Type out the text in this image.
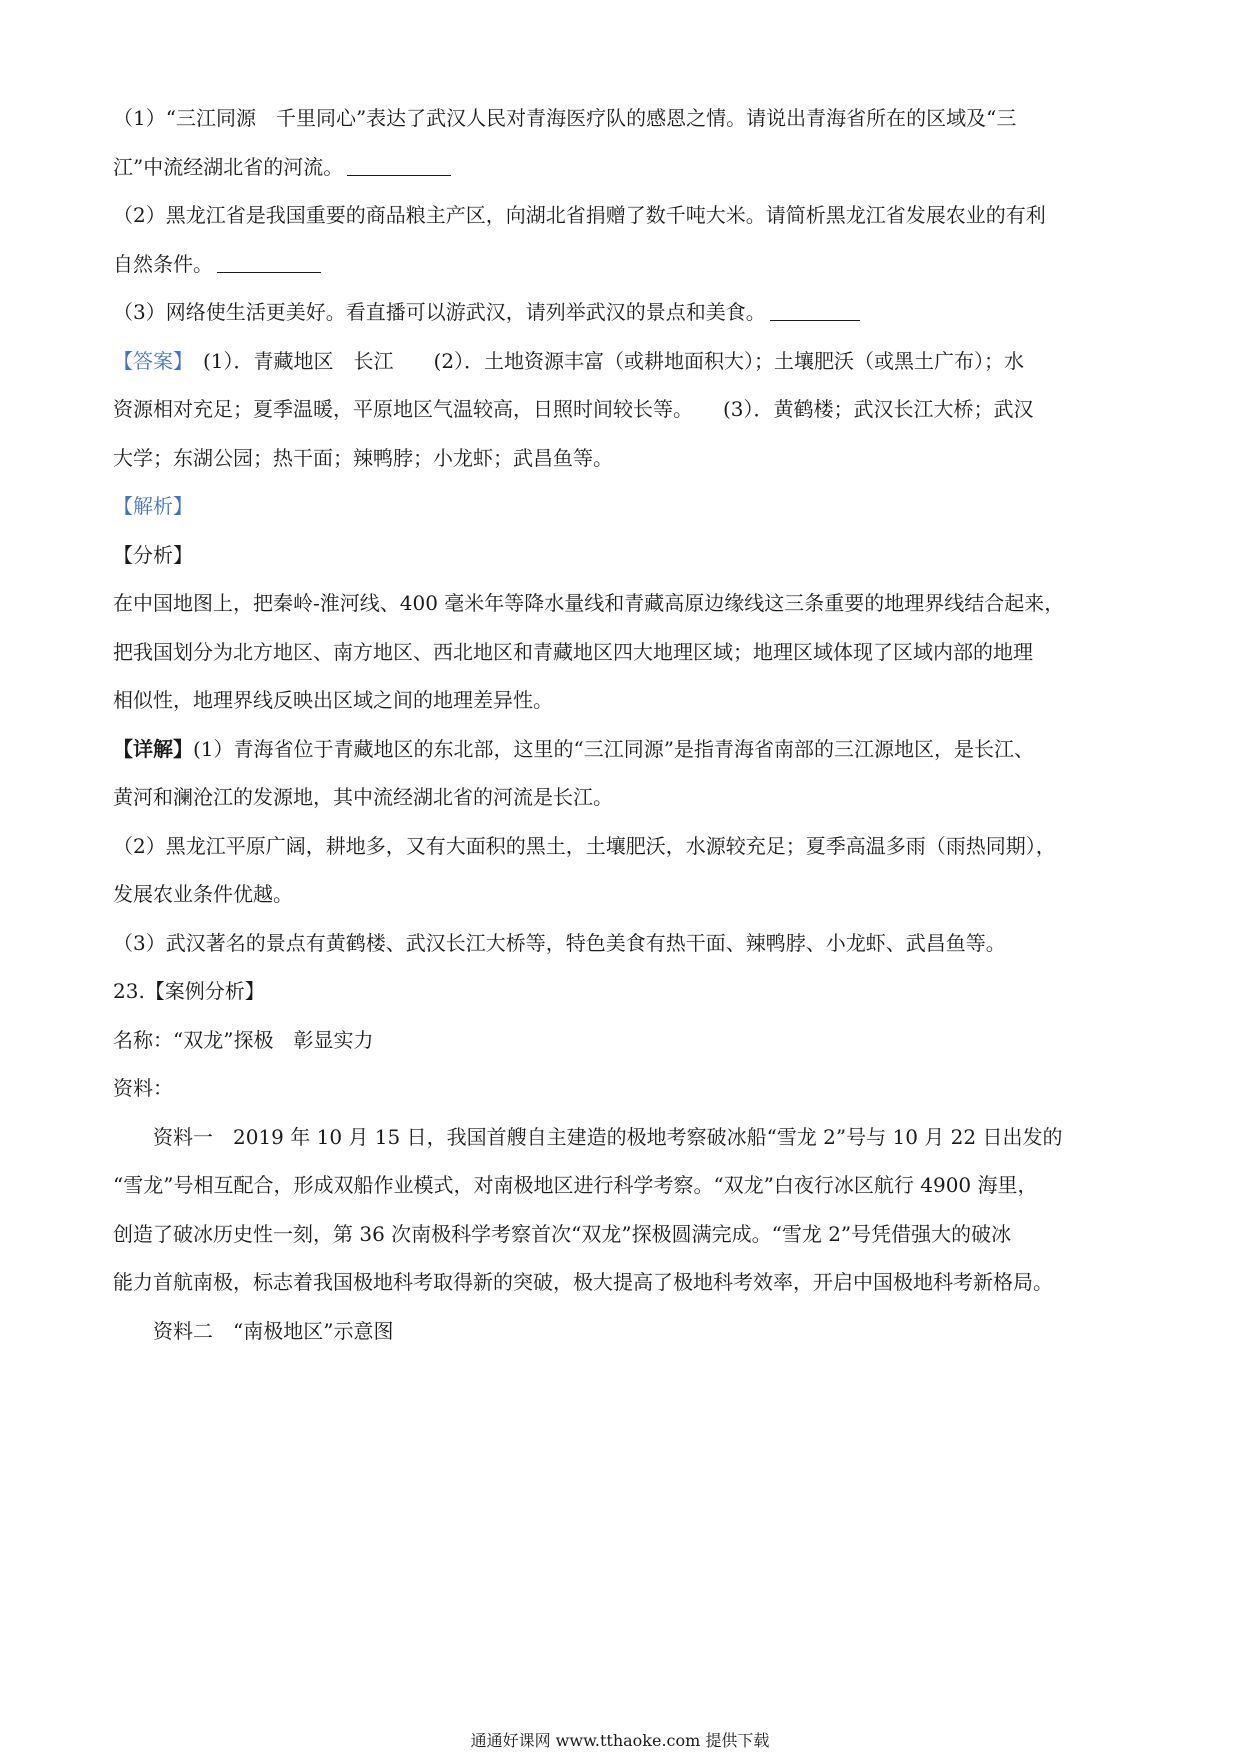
（1）“三江同源　千里同心”表达了武汉人民对青海医疗队的感恩之情。请说出青海省所在的区域及“三
江”中流经湖北省的河流。
（2）黑龙江省是我国重要的商品粮主产区，向湖北省捐赠了数千吨大米。请简析黑龙江省发展农业的有利
自然条件。
（3）网络使生活更美好。看直播可以游武汉，请列举武汉的景点和美食。
【答案】　(1）．青藏地区　长江　　(2）．土地资源丰富（或耕地面积大）；土壤肥沃（或黑土广布）；水
资源相对充足；夏季温暖，平原地区气温较高，日照时间较长等。　　(3）．黄鹤楼；武汉长江大桥；武汉
大学；东湖公园；热干面；辣鸭脖；小龙虾；武昌鱼等。
【解析】
【分析】
在中国地图上，把秦岭-淮河线、400 毫米年等降水量线和青藏高原边缘线这三条重要的地理界线结合起来，
把我国划分为北方地区、南方地区、西北地区和青藏地区四大地理区域；地理区域体现了区域内部的地理
相似性，地理界线反映出区域之间的地理差异性。
【详解】(1）青海省位于青藏地区的东北部，这里的“三江同源”是指青海省南部的三江源地区，是长江、
黄河和澜沧江的发源地，其中流经湖北省的河流是长江。
（2）黑龙江平原广阔，耕地多，又有大面积的黑土，土壤肥沃，水源较充足；夏季高温多雨（雨热同期），
发展农业条件优越。
（3）武汉著名的景点有黄鹤楼、武汉长江大桥等，特色美食有热干面、辣鸭脖、小龙虾、武昌鱼等。
23.【案例分析】
名称：“双龙”探极　彰显实力
资料：
资料一　2019 年 10 月 15 日，我国首艘自主建造的极地考察破冰船“雪龙 2”号与 10 月 22 日出发的
“雪龙”号相互配合，形成双船作业模式，对南极地区进行科学考察。“双龙”白夜行冰区航行 4900 海里，
创造了破冰历史性一刻，第 36 次南极科学考察首次“双龙”探极圆满完成。“雪龙 2”号凭借强大的破冰
能力首航南极，标志着我国极地科考取得新的突破，极大提高了极地科考效率，开启中国极地科考新格局。
资料二　“南极地区”示意图
通通好课网 www.tthaoke.com 提供下载
